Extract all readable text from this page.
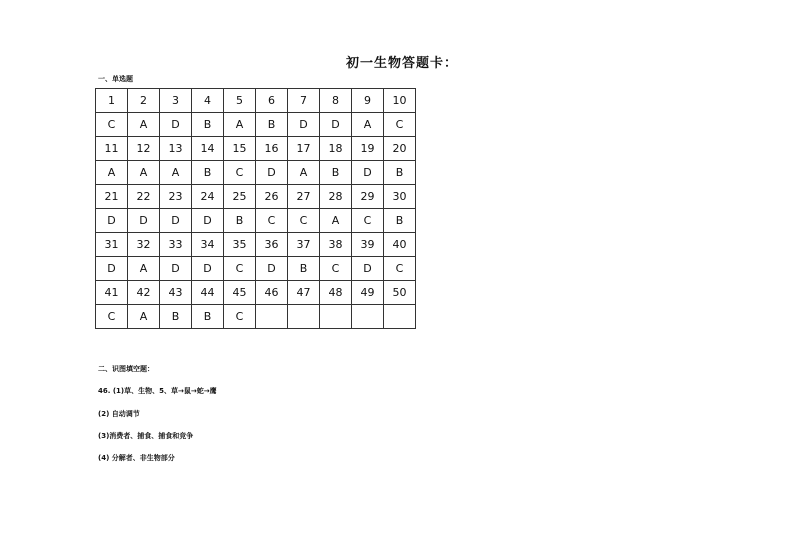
初一生物答题卡：
一、单选题
1	2	3	4	5	6	7	8	9	10
C	A	D	B	A	B	D	D	A	C
11	12	13	14	15	16	17	18	19	20
A	A	A	B	C	D	A	B	D	B
21	22	23	24	25	26	27	28	29	30
D	D	D	D	B	C	C	A	C	B
31	32	33	34	35	36	37	38	39	40
D	A	D	D	C	D	B	C	D	C
41	42	43	44	45	46	47	48	49	50
C	A	B	B	C					
二、识图填空题：
46. (1)草、生物、5、草→鼠→蛇→鹰
(2) 自动调节
(3)消费者、捕食、捕食和竞争
(4) 分解者、非生物部分
